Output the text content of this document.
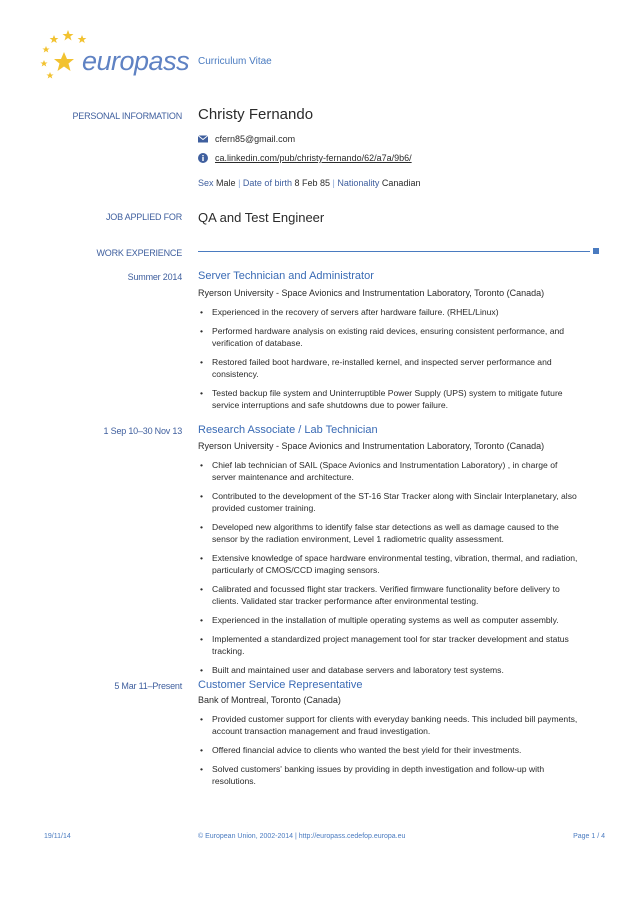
europass Curriculum Vitae
PERSONAL INFORMATION Christy Fernando
cfern85@gmail.com
ca.linkedin.com/pub/christy-fernando/62/a7a/9b6/
Sex Male | Date of birth 8 Feb 85 | Nationality Canadian
JOB APPLIED FOR QA and Test Engineer
WORK EXPERIENCE
Summer 2014 Server Technician and Administrator
Ryerson University - Space Avionics and Instrumentation Laboratory, Toronto (Canada)
• Experienced in the recovery of servers after hardware failure. (RHEL/Linux)
• Performed hardware analysis on existing raid devices, ensuring consistent performance, and verification of database.
• Restored failed boot hardware, re-installed kernel, and inspected server performance and consistency.
• Tested backup file system and Uninterruptible Power Supply (UPS) system to mitigate future service interruptions and safe shutdowns due to power failure.
1 Sep 10–30 Nov 13 Research Associate / Lab Technician
Ryerson University - Space Avionics and Instrumentation Laboratory, Toronto (Canada)
• Chief lab technician of SAIL (Space Avionics and Instrumentation Laboratory) , in charge of server maintenance and architecture.
• Contributed to the development of the ST-16 Star Tracker along with Sinclair Interplanetary, also provided customer training.
• Developed new algorithms to identify false star detections as well as damage caused to the sensor by the radiation environment, Level 1 radiometric quality assessment.
• Extensive knowledge of space hardware environmental testing, vibration, thermal, and radiation, particularly of CMOS/CCD imaging sensors.
• Calibrated and focussed flight star trackers. Verified firmware functionality before delivery to clients. Validated star tracker performance after environmental testing.
• Experienced in the installation of multiple operating systems as well as computer assembly.
• Implemented a standardized project management tool for star tracker development and status tracking.
• Built and maintained user and database servers and laboratory test systems.
5 Mar 11–Present Customer Service Representative
Bank of Montreal, Toronto (Canada)
• Provided customer support for clients with everyday banking needs. This included bill payments, account transaction management and fraud investigation.
• Offered financial advice to clients who wanted the best yield for their investments.
• Solved customers' banking issues by providing in depth investigation and follow-up with resolutions.
19/11/14	© European Union, 2002-2014 | http://europass.cedefop.europa.eu	Page 1 / 4
